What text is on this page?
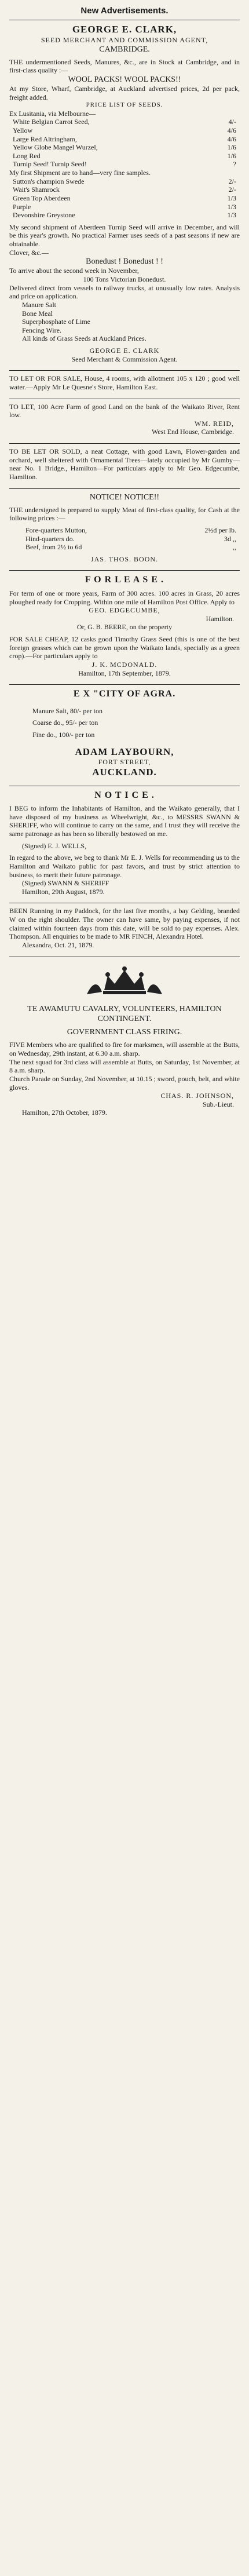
New Advertisements.
GEORGE E. CLARK,
SEED MERCHANT AND COMMISSION AGENT,
CAMBRIDGE.

THE undermentioned Seeds, Manures, &c., are in Stock at Cambridge, and in first-class quality :—

WOOL PACKS! WOOL PACKS!!

At my Store, Wharf, Cambridge, at Auckland advertised prices, 2d per pack, freight added.

PRICE LIST OF SEEDS.

Ex Lusitania, via Melbourne—

White Belgian Carrot Seed,	4/-
Yellow	4/6
Large Red Altringham,	4/6
Yellow Globe Mangel Wurzel,	1/6
Long Red	1/6
Turnip Seed! Turnip Seed!	?

My first Shipment are to hand—very fine samples.

Sutton's champion Swede	2/-
Wait's Shamrock	2/-
Green Top Aberdeen	1/3
Purple	1/3
Devonshire Greystone	1/3

My second shipment of Aberdeen Turnip Seed will arrive in December, and will be this year's growth. No practical Farmer uses seeds of a past seasons if new are obtainable.

Clover, &c.—

Bonedust ! Bonedust ! !

To arrive about the second week in November,

100 Tons Victorian Bonedust.

Delivered direct from vessels to railway trucks, at unusually low rates. Analysis and price on application.

Manure Salt
Bone Meal
Superphosphate of Lime
Fencing Wire.
All kinds of Grass Seeds at Auckland Prices.
GEORGE E. CLARK
Seed Merchant & Commission Agent.

TO LET OR FOR SALE, House, 4 rooms, with allotment 105 x 120 ; good well water.—Apply Mr Le Quesne's Store, Hamilton East.

TO LET, 100 Acre Farm of good Land on the bank of the Waikato River, Rent low.

WM. REID,
West End House, Cambridge.

TO BE LET OR SOLD, a neat Cottage, with good Lawn, Flower-garden and orchard, well sheltered with Ornamental Trees—lately occupied by Mr Gumby—near No. 1 Bridge., Hamilton—For particulars apply to Mr Geo. Edgecumbe, Hamilton.

NOTICE! NOTICE!!

THE undersigned is prepared to supply Meat of first-class quality, for Cash at the following prices :—

Fore-quarters Mutton,	2½d per lb.
Hind-quarters do.	3d ,,
Beef, from 2½ to 6d	,,
JAS. THOS. BOON.
F O R L E A S E .

For term of one or more years, Farm of 300 acres. 100 acres in Grass, 20 acres ploughed ready for Cropping. Within one mile of Hamilton Post Office. Apply to

GEO. EDGECUMBE,
Hamilton.
Or, G. B. BEERE, on the property

FOR SALE CHEAP, 12 casks good Timothy Grass Seed (this is one of the best foreign grasses which can be grown upon the Waikato lands, specially as a green crop).—For particulars apply to

J. K. MCDONALD.
Hamilton, 17th September, 1879.
E X "CITY OF AGRA.
Manure Salt, 80/- per ton
Coarse do., 95/- per ton
Fine do., 100/- per ton
ADAM LAYBOURN,
FORT STREET,
AUCKLAND.
N O T I C E .

I BEG to inform the Inhabitants of Hamilton, and the Waikato generally, that I have disposed of my business as Wheelwright, &c., to MESSRS SWANN & SHERIFF, who will continue to carry on the same, and I trust they will receive the same patronage as has been so liberally bestowed on me.

(Signed) E. J. WELLS,

In regard to the above, we beg to thank Mr E. J. Wells for recommending us to the Hamilton and Waikato public for past favors, and trust by strict attention to business, to merit their future patronage.

(Signed) SWANN & SHERIFF
Hamilton, 29th August, 1879.

BEEN Running in my Paddock, for the last five months, a bay Gelding, branded W on the right shoulder. The owner can have same, by paying expenses, if not claimed within fourteen days from this date, will be sold to pay expenses. Alex. Thompson. All enquiries to be made to MR FINCH, Alexandra Hotel.

Alexandra, Oct. 21, 1879.
TE AWAMUTU CAVALRY, VOLUNTEERS, HAMILTON CONTINGENT.
GOVERNMENT CLASS FIRING.

FIVE Members who are qualified to fire for marksmen, will assemble at the Butts, on Wednesday, 29th instant, at 6.30 a.m. sharp.

The next squad for 3rd class will assemble at Butts, on Saturday, 1st November, at 8 a.m. sharp.

Church Parade on Sunday, 2nd November, at 10.15 ; sword, pouch, belt, and white gloves.

CHAS. R. JOHNSON,
Sub.-Lieut.
Hamilton, 27th October, 1879.
